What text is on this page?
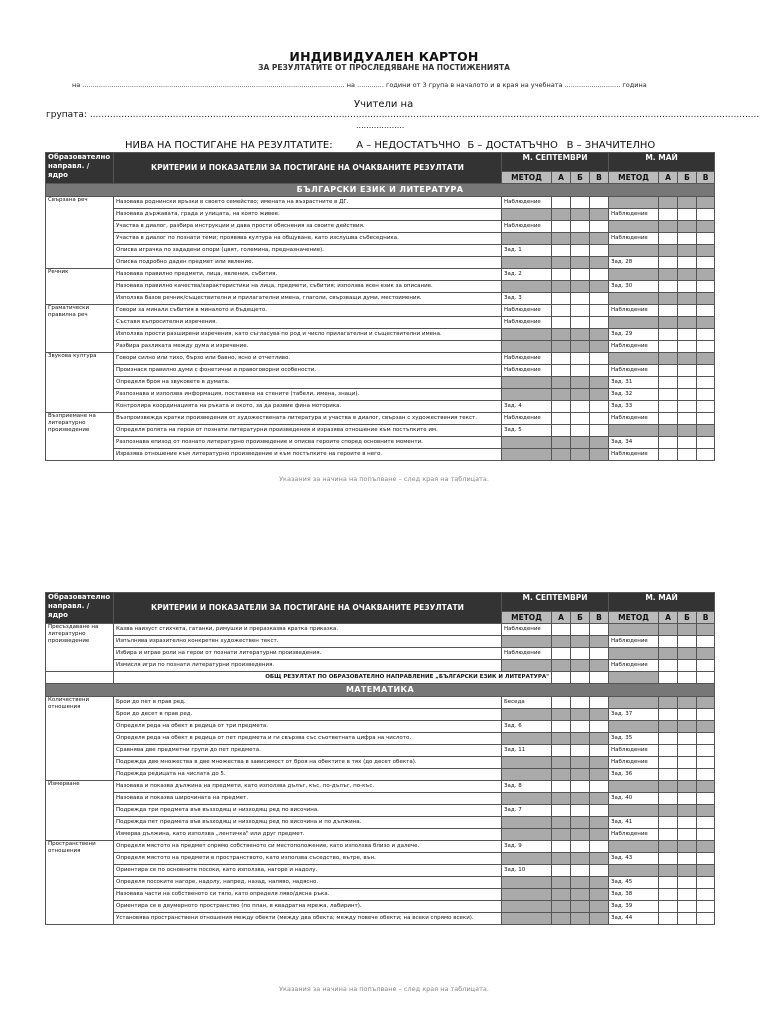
ИНДИВИДУАЛЕН КАРТОН
ЗА РЕЗУЛТАТИТЕ ОТ ПРОСЛЕДЯВАНЕ НА ПОСТИЖЕНИЯТА
на ............................................................................................................................... на ............. години от 3 група в началото и в края на учебната ........................... година
Учители на
групата: ..........................................................................................................................................................................................................................................
...................
НИВА НА ПОСТИГАНЕ НА РЕЗУЛТАТИТЕ: А – НЕДОСТАТЪЧНО Б – ДОСТАТЪЧНО В – ЗНАЧИТЕЛНО
Образователно направл. / ядро	КРИТЕРИИ И ПОКАЗАТЕЛИ ЗА ПОСТИГАНЕ НА ОЧАКВАНИТЕ РЕЗУЛТАТИ	М. СЕПТЕМВРИ				М. МАЙ			
		МЕТОД	А	Б	В	МЕТОД	А	Б	В
БЪЛГАРСКИ ЕЗИК И ЛИТЕРАТУРА									
Свързана реч	Назовава роднински връзки в своето семейство; имената на възрастните в ДГ.	Наблюдение							
	Назовава държавата, града и улицата, на която живее.					Наблюдение			
	Участва в диалог, разбира инструкции и дава прости обяснения за своите действия.	Наблюдение							
	Участва в диалог по познати теми; проявява култура на общуване, като изслушва събеседника.					Наблюдение			
	Описва играчка по зададени опори (цвят, големина, предназначение).	Зад. 1							
	Описва подробно даден предмет или явление.					Зад. 28			
Речник	Назовава правилно предмети, лица, явления, събития.	Зад. 2							
	Назовава правилно качества/характеристики на лица, предмети, събития; използва ясен език за описание.					Зад. 30			
	Използва базов речник/съществителни и прилагателни имена, глаголи, свързващи думи, местоимения.	Зад. 3							
Граматически правилна реч	Говори за минали събития в миналото и бъдещето.	Наблюдение				Наблюдение			
	Съставя въпросителни изречения.	Наблюдение							
	Използва прости разширени изречения, като съгласува по род и число прилагателни и съществителни имена.					Зад. 29			
	Разбира разликата между дума и изречение.					Наблюдение			
Звукова култура	Говори силно или тихо, бързо или бавно, ясно и отчетливо.	Наблюдение							
	Произнася правилно думи с фонетични и правоговорни особености.	Наблюдение				Наблюдение			
	Определя броя на звуковете в думата.					Зад. 31			
	Разпознава и използва информация, поставена на стените (табели, имена, знаци).					Зад. 32			
	Контролира координацията на ръката и окото, за да развие фина моторика.	Зад. 4				Зад. 33			
Възприемане на литературно произведение	Възпроизвежда кратки произведения от художествената литература и участва в диалог, свързан с художествения текст.	Наблюдение				Наблюдение			
	Определя ролята на герои от познати литературни произведения и изразява отношение към постъпките им.	Зад. 5							
	Разпознава епизод от познато литературно произведение и описва героите според основните моменти.					Зад. 34			
	Изразява отношение към литературно произведение и към постъпките на героите в него.					Наблюдение			
Указания за начина на попълване – след края на таблицата.
Образователно направл. / ядро	КРИТЕРИИ И ПОКАЗАТЕЛИ ЗА ПОСТИГАНЕ НА ОЧАКВАНИТЕ РЕЗУЛТАТИ	М. СЕПТЕМВРИ				М. МАЙ			
		МЕТОД	А	Б	В	МЕТОД	А	Б	В
Пресъздаване на литературно произведение	Казва наизуст стихчета, гатанки, римушки и преразказва кратка приказка.	Наблюдение							
	Изпълнява изразително конкретен художествен текст.					Наблюдение			
	Избира и играе роли на герои от познати литературни произведения.	Наблюдение							
	Измисля игри по познати литературни произведения.					Наблюдение			
	ОБЩ РЕЗУЛТАТ ПО ОБРАЗОВАТЕЛНО НАПРАВЛЕНИЕ „БЪЛГАРСКИ ЕЗИК И ЛИТЕРАТУРА"								
МАТЕМАТИКА									
Количествени отношения	Брои до пет в прав ред.	Беседа							
	Брои до десет в прав ред.					Зад. 37			
	Определя реда на обект в редица от три предмета.	Зад. 6							
	Определя реда на обект в редица от пет предмета и ги свързва със съответната цифра на числото.					Зад. 35			
	Сравнява две предметни групи до пет предмета.	Зад. 11				Наблюдение			
	Подрежда две множества в две множества в зависимост от броя на обектите в тях (до десет обекта).					Наблюдение			
	Подрежда редицата на числата до 5.					Зад. 36			
Измерване	Назовава и показва дължина на предмети, като използва дълъг, къс, по-дълъг, по-къс.	Зад. 8							
	Назовава и показва широчината на предмет.					Зад. 40			
	Подрежда три предмета във възходящ и низходящ ред по височина.	Зад. 7							
	Подрежда пет предмета във възходящ и низходящ ред по височина и по дължина.					Зад. 41			
	Измерва дължина, като използва „лентичка" или друг предмет.					Наблюдение			
Пространствени отношения	Определя мястото на предмет спрямо собственото си местоположение, като използва близо и далече.	Зад. 9							
	Определя мястото на предмети в пространството, като използва съседство, вътре, вън.					Зад. 43			
	Ориентира се по основните посоки, като използва, нагоре и надолу.	Зад. 10							
	Определя посоките нагоре, надолу, напред, назад, наляво, надясно.					Зад. 45			
	Назовава части на собственото си тяло, като определя ляво/дясна ръка.					Зад. 38			
	Ориентира се в двумерното пространство (по план, в квадратна мрежа, лабиринт).					Зад. 39			
	Установява пространствени отношения между обекти (между два обекта; между повече обекти; на всеки спрямо всеки).					Зад. 44			
Указания за начина на попълване – след края на таблицата.
